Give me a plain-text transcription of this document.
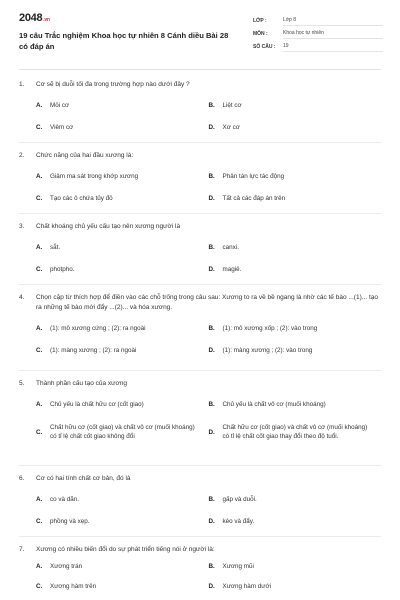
2048.vn
19 câu Trắc nghiệm Khoa học tự nhiên 8 Cánh diều Bài 28 có đáp án
LỚP :	Lớp 8
MÔN :	Khoa học tự nhiên
SỐ CÂU :	19
1.	Cơ sẽ bị duỗi tối đa trong trường hợp nào dưới đây ?
A.	Mỏi cơ	B.	Liệt cơ
C.	Viêm cơ	D.	Xơ cơ
2.	Chức năng của hai đầu xương là:
A.	Giảm ma sát trong khớp xương	B.	Phân tán lực tác động
C.	Tạo các ô chứa tủy đỏ	D.	Tất cả các đáp án trên
3.	Chất khoáng chủ yếu cấu tạo nên xương người là
A.	sắt.	B.	canxi.
C.	photpho.	D.	magiê.
4.	Chọn cặp từ thích hợp để điền vào các chỗ trống trong câu sau: Xương to ra về bề ngang là nhờ các tế bào ...(1)... tạo ra những tế bào mới đẩy ...(2)... và hóa xương.
A.	(1): mô xương cứng ; (2): ra ngoài	B.	(1): mô xương xốp ; (2): vào trong
C.	(1): màng xương ; (2): ra ngoài	D.	(1): màng xương ; (2): vào trong
5.	Thành phần cấu tạo của xương
A.	Chủ yếu là chất hữu cơ (cốt giao)	B.	Chủ yếu là chất vô cơ (muối khoáng)
C.
Chất hữu cơ (cốt giao) và chất vô cơ (muối khoáng) có tỉ lệ chất cốt giao không đổi
D.
Chất hữu cơ (cốt giao) và chất vô cơ (muối khoáng) có tỉ lệ chất cốt giao thay đổi theo độ tuổi.
6.	Cơ có hai tính chất cơ bản, đó là
A.	co và dãn.	B.	gấp và duỗi.
C.	phồng và xẹp.	D.	kéo và đẩy.
7.	Xương có nhiều biến đổi do sự phát triển tiếng nói ở người là:
A.	Xương trán	B.	Xương mũi
C.	Xương hàm trên	D.	Xương hàm dưới
